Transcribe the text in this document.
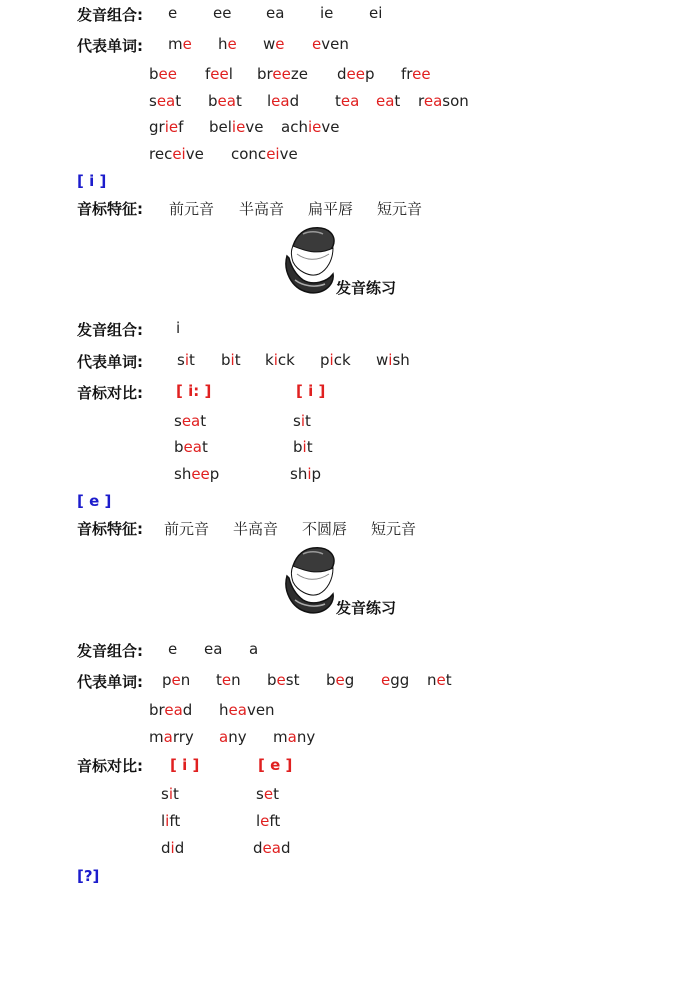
发音组合: e ee ea ie ei
代表单词: me he we even
bee feel breeze deep free
seat beat lead tea eat reason
grief believe achieve
receive conceive
[ i ]
音标特征: 前元音 半高音 扁平唇 短元音
发音练习
发音组合: i
代表单词: sit bit kick pick wish
音标对比: [ i: ]	[ i ]
seat	sit
beat	bit
sheep	ship
[ e ]
音标特征: 前元音 半高音 不圆唇 短元音
发音练习
发音组合: e ea a
代表单词: pen ten best beg egg net
bread heaven
marry any many
音标对比: [ i ]	[ e ]
sit	set
lift	left
did	dead
[?]
